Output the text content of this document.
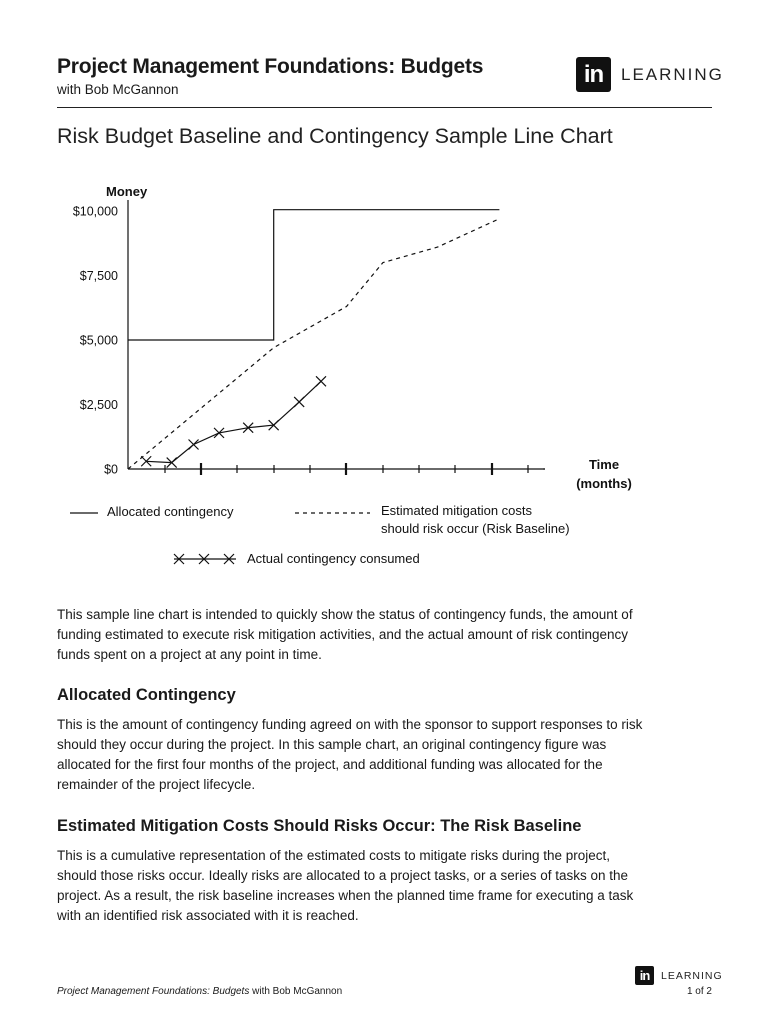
Project Management Foundations: Budgets
with Bob McGannon
in	LEARNING
Risk Budget Baseline and Contingency Sample Line Chart
Money
$0
$2,500
$5,000
$7,500
$10,000
Time
(months)
Allocated contingency	Estimated mitigation costs
should risk occur (Risk Baseline)
Actual contingency consumed

This sample line chart is intended to quickly show the status of contingency funds, the amount of funding estimated to execute risk mitigation activities, and the actual amount of risk contingency funds spent on a project at any point in time.

Allocated Contingency

This is the amount of contingency funding agreed on with the sponsor to support responses to risk should they occur during the project. In this sample chart, an original contingency figure was allocated for the first four months of the project, and additional funding was allocated for the remainder of the project lifecycle.

Estimated Mitigation Costs Should Risks Occur: The Risk Baseline

This is a cumulative representation of the estimated costs to mitigate risks during the project, should those risks occur. Ideally risks are allocated to a project tasks, or a series of tasks on the project. As a result, the risk baseline increases when the planned time frame for executing a task with an identified risk associated with it is reached.

in	LEARNING
Project Management Foundations: Budgets with Bob McGannon	1 of 2
